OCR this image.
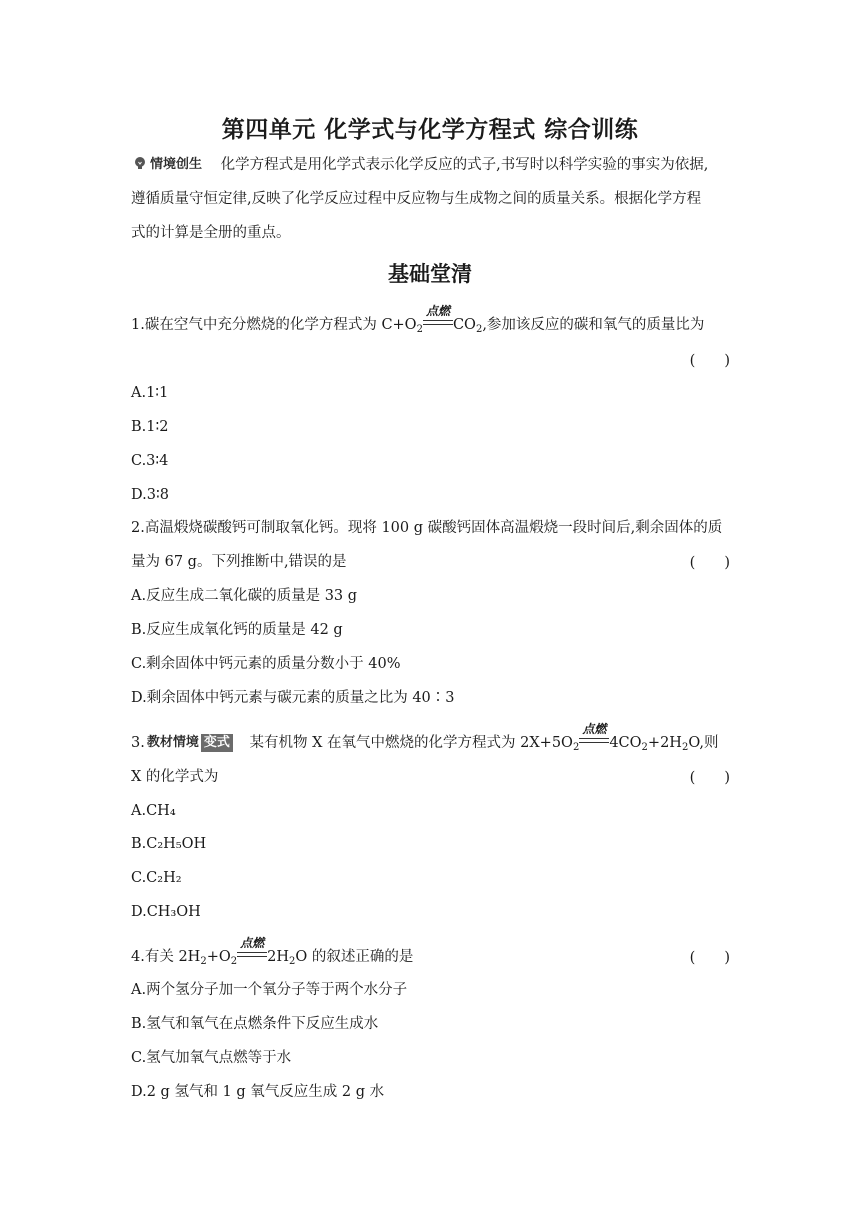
第四单元 化学式与化学方程式 综合训练
情境创生 化学方程式是用化学式表示化学反应的式子,书写时以科学实验的事实为依据,
遵循质量守恒定律,反映了化学反应过程中反应物与生成物之间的质量关系。根据化学方程
式的计算是全册的重点。
基础堂清
1.碳在空气中充分燃烧的化学方程式为 $C+O_2$
点燃
$CO_2$,参加该反应的碳和氧气的质量比为
(　　)
A.1∶1
B.1∶2
C.3∶4
D.3∶8
2.高温煅烧碳酸钙可制取氧化钙。现将 100 g 碳酸钙固体高温煅烧一段时间后,剩余固体的质
量为 67 g。下列推断中,错误的是	(　　)
A.反应生成二氧化碳的质量是 33 g
B.反应生成氧化钙的质量是 42 g
C.剩余固体中钙元素的质量分数小于 40%
D.剩余固体中钙元素与碳元素的质量之比为 40∶3
3. 教材情境 变式 某有机物 X 在氧气中燃烧的化学方程式为 $2X+5O_2$
点燃
$4CO_2+2H_2O$,则
X 的化学式为	(　　)
A.CH₄
B.C₂H₅OH
C.C₂H₂
D.CH₃OH
4.有关 $2H_2+O_2$
点燃
$2H_2O$ 的叙述正确的是	(　　)
A.两个氢分子加一个氧分子等于两个水分子
B.氢气和氧气在点燃条件下反应生成水
C.氢气加氧气点燃等于水
D.2 g 氢气和 1 g 氧气反应生成 2 g 水
